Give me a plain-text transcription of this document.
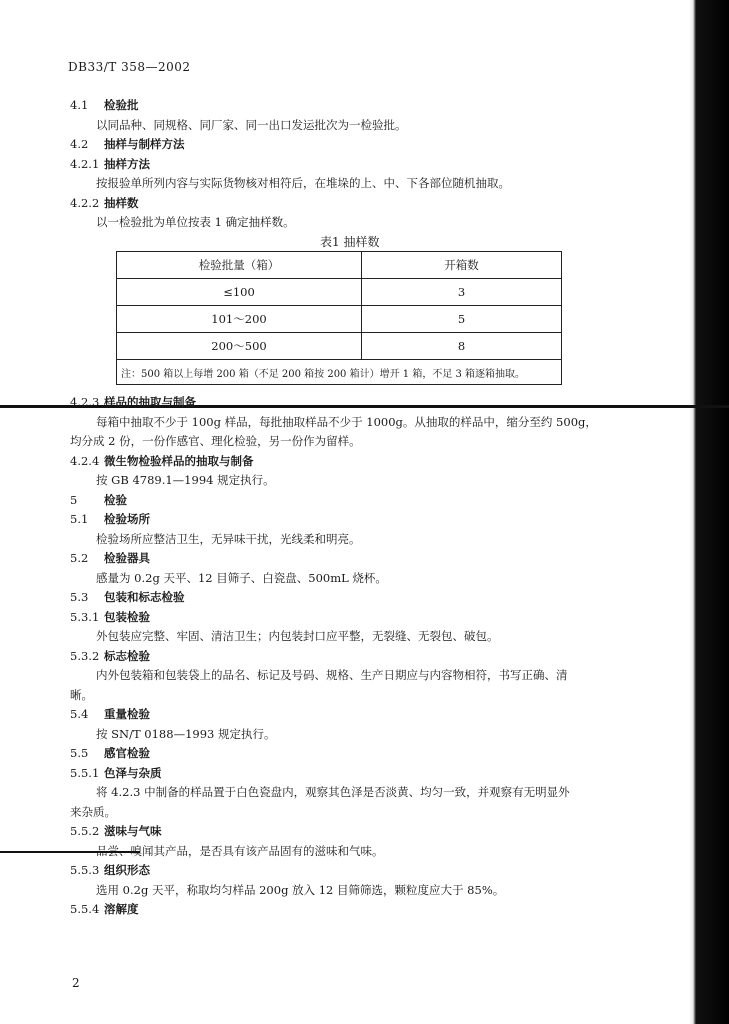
DB33/T 358—2002
4.1 检验批
以同品种、同规格、同厂家、同一出口发运批次为一检验批。
4.2 抽样与制样方法
4.2.1 抽样方法
按报验单所列内容与实际货物核对相符后，在堆垛的上、中、下各部位随机抽取。
4.2.2 抽样数
以一检验批为单位按表 1 确定抽样数。
表1 抽样数
检验批量（箱）	开箱数
≤100	3
101～200	5
200～500	8
注：500 箱以上每增 200 箱（不足 200 箱按 200 箱计）增开 1 箱，不足 3 箱逐箱抽取。	
4.2.3 样品的抽取与制备
每箱中抽取不少于 100g 样品，每批抽取样品不少于 1000g。从抽取的样品中，缩分至约 500g，
均分成 2 份，一份作感官、理化检验，另一份作为留样。
4.2.4 微生物检验样品的抽取与制备
按 GB 4789.1—1994 规定执行。
5 检验
5.1 检验场所
检验场所应整洁卫生，无异味干扰，光线柔和明亮。
5.2 检验器具
感量为 0.2g 天平、12 目筛子、白瓷盘、500mL 烧杯。
5.3 包装和标志检验
5.3.1 包装检验
外包装应完整、牢固、清洁卫生；内包装封口应平整，无裂缝、无裂包、破包。
5.3.2 标志检验
内外包装箱和包装袋上的品名、标记及号码、规格、生产日期应与内容物相符，书写正确、清
晰。
5.4 重量检验
按 SN/T 0188—1993 规定执行。
5.5 感官检验
5.5.1 色泽与杂质
将 4.2.3 中制备的样品置于白色瓷盘内，观察其色泽是否淡黄、均匀一致，并观察有无明显外
来杂质。
5.5.2 滋味与气味
品尝、嗅闻其产品，是否具有该产品固有的滋味和气味。
5.5.3 组织形态
选用 0.2g 天平，称取均匀样品 200g 放入 12 目筛筛选，颗粒度应大于 85%。
5.5.4 溶解度
2
